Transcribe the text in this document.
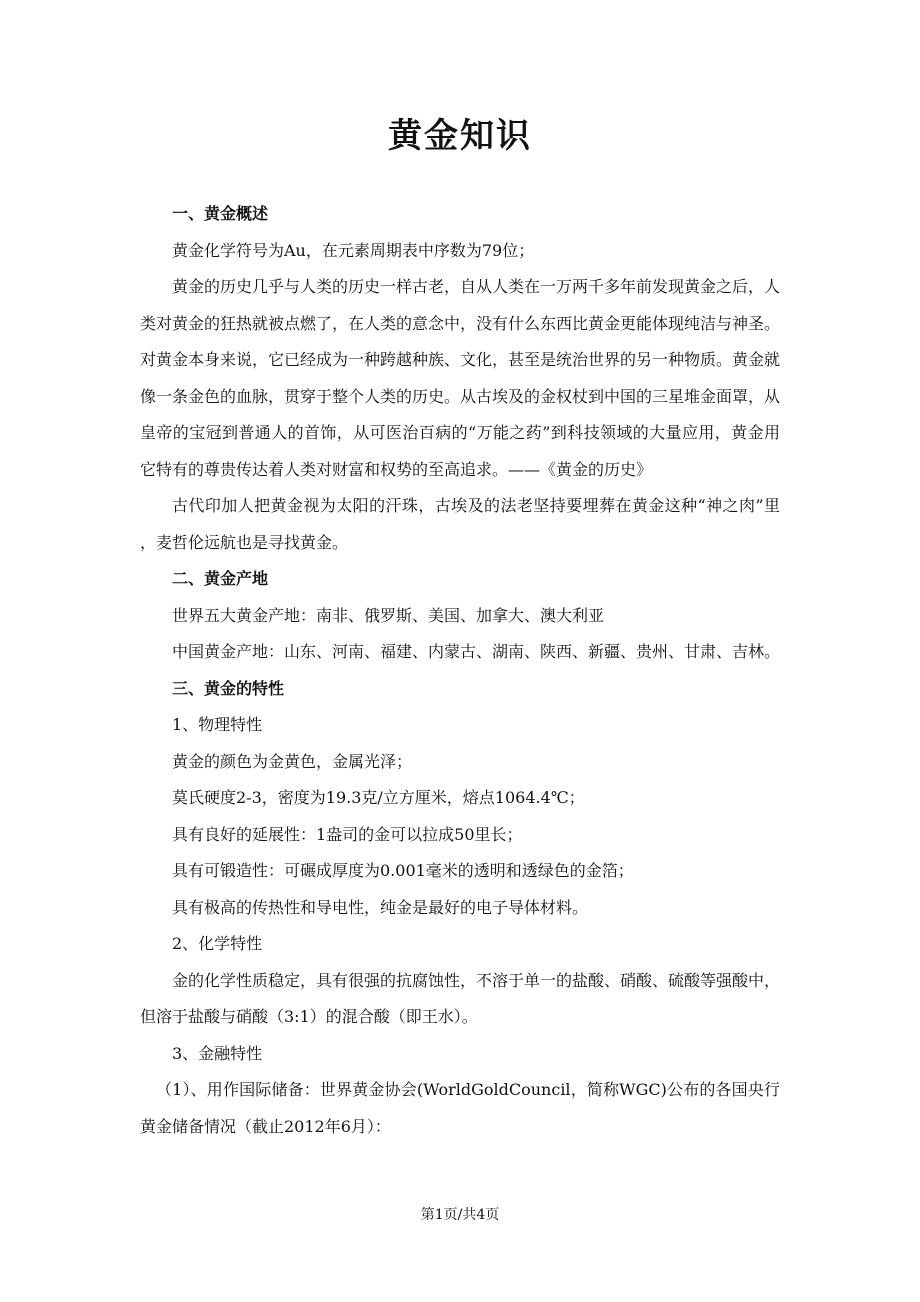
黄金知识

一、黄金概述

黄金化学符号为Au，在元素周期表中序数为79位；

黄金的历史几乎与人类的历史一样古老，自从人类在一万两千多年前发现黄金之后，人类对黄金的狂热就被点燃了，在人类的意念中，没有什么东西比黄金更能体现纯洁与神圣。对黄金本身来说，它已经成为一种跨越种族、文化，甚至是统治世界的另一种物质。黄金就像一条金色的血脉，贯穿于整个人类的历史。从古埃及的金权杖到中国的三星堆金面罩，从皇帝的宝冠到普通人的首饰，从可医治百病的“万能之药”到科技领域的大量应用，黄金用它特有的尊贵传达着人类对财富和权势的至高追求。——《黄金的历史》

古代印加人把黄金视为太阳的汗珠，古埃及的法老坚持要埋葬在黄金这种“神之肉”里 ，麦哲伦远航也是寻找黄金。

二、黄金产地

世界五大黄金产地：南非、俄罗斯、美国、加拿大、澳大利亚

中国黄金产地：山东、河南、福建、内蒙古、湖南、陕西、新疆、贵州、甘肃、吉林。

三、黄金的特性

1、物理特性

黄金的颜色为金黄色，金属光泽；

莫氏硬度2-3，密度为19.3克/立方厘米，熔点1064.4℃；

具有良好的延展性：1盎司的金可以拉成50里长；

具有可锻造性：可碾成厚度为0.001毫米的透明和透绿色的金箔；

具有极高的传热性和导电性，纯金是最好的电子导体材料。

2、化学特性

金的化学性质稳定，具有很强的抗腐蚀性，不溶于单一的盐酸、硝酸、硫酸等强酸中，但溶于盐酸与硝酸（3:1）的混合酸（即王水）。

3、金融特性

（1）、用作国际储备：世界黄金协会(WorldGoldCouncil，简称WGC)公布的各国央行黄金储备情况（截止2012年6月）：

第1页/共4页
